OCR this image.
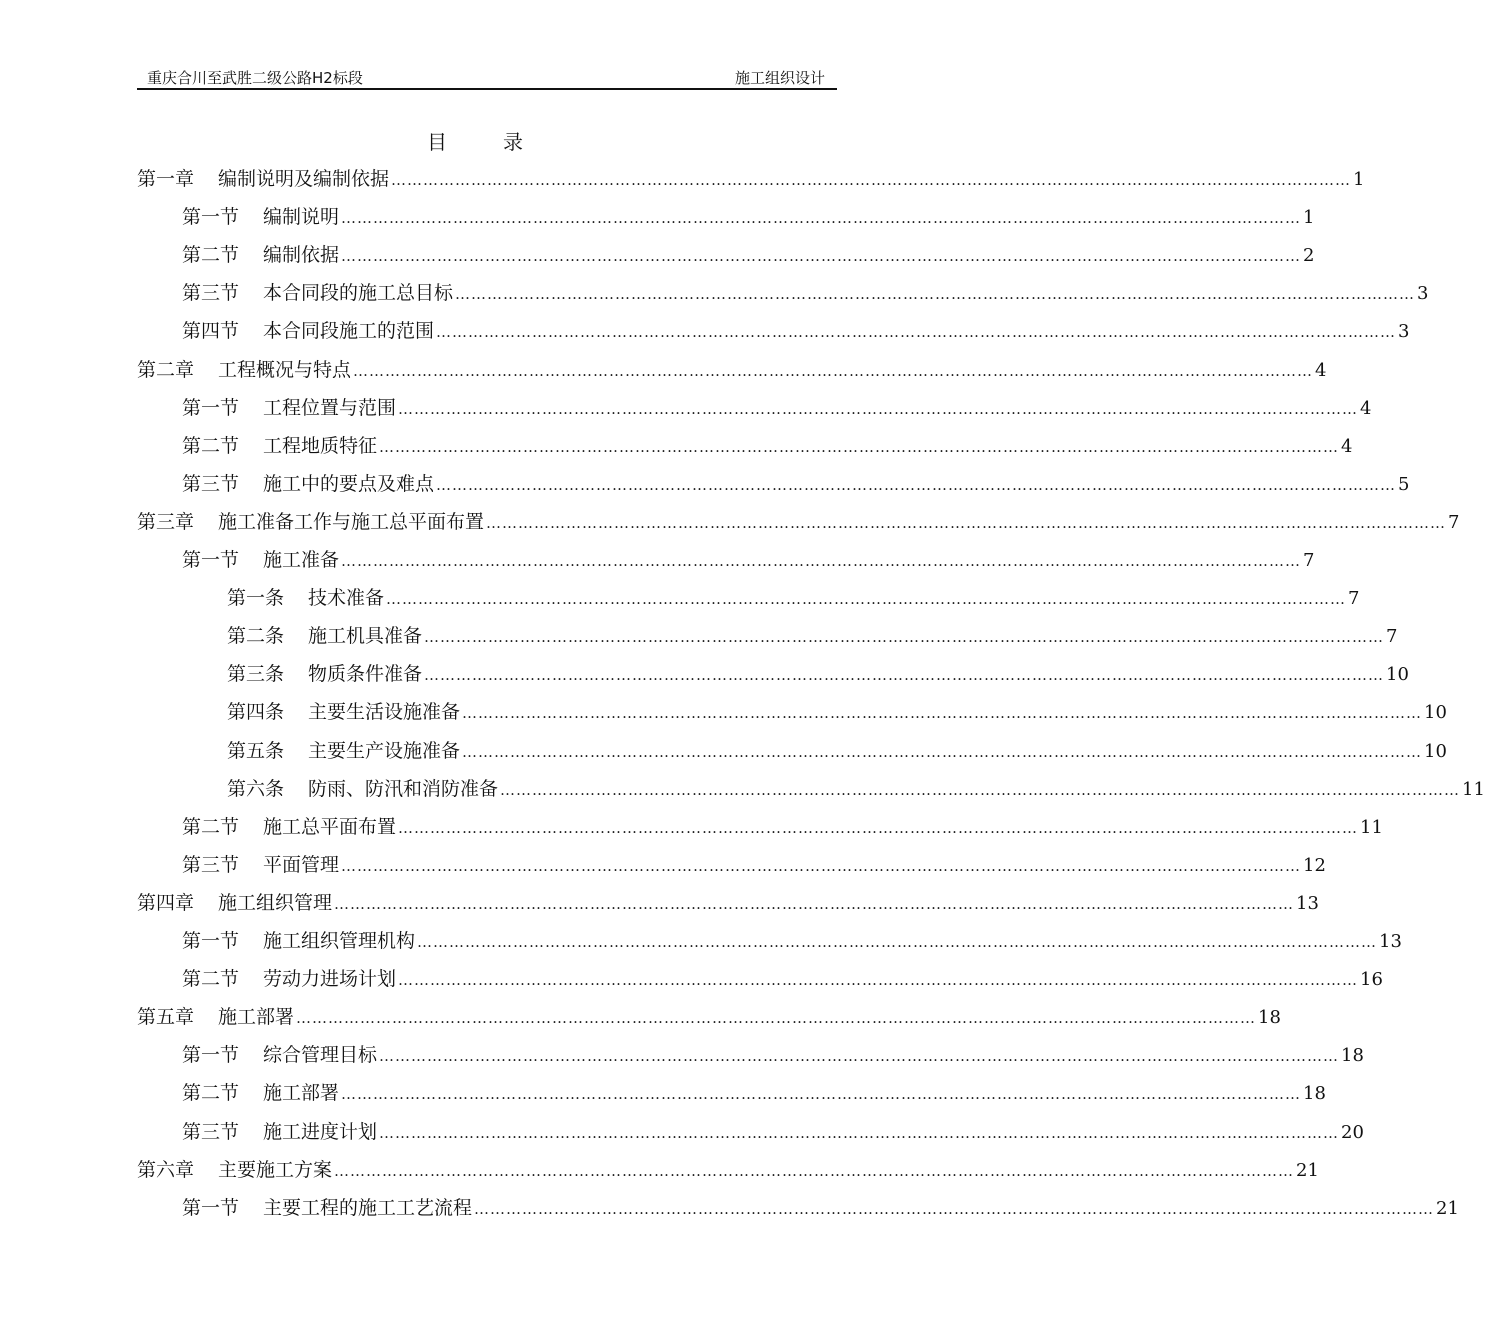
重庆合川至武胜二级公路H2标段	施工组织设计
目录
第一章 编制说明及编制依据 ……………………………………………………………………………………………………………………………………………………………… 1
第一节 编制说明 ……………………………………………………………………………………………………………………………………………………………… 1
第二节 编制依据 ……………………………………………………………………………………………………………………………………………………………… 2
第三节 本合同段的施工总目标 ……………………………………………………………………………………………………………………………………………………………… 3
第四节 本合同段施工的范围 ……………………………………………………………………………………………………………………………………………………………… 3
第二章 工程概况与特点 ……………………………………………………………………………………………………………………………………………………………… 4
第一节 工程位置与范围 ……………………………………………………………………………………………………………………………………………………………… 4
第二节 工程地质特征 ……………………………………………………………………………………………………………………………………………………………… 4
第三节 施工中的要点及难点 ……………………………………………………………………………………………………………………………………………………………… 5
第三章 施工准备工作与施工总平面布置 ……………………………………………………………………………………………………………………………………………………………… 7
第一节 施工准备 ……………………………………………………………………………………………………………………………………………………………… 7
第一条 技术准备 ……………………………………………………………………………………………………………………………………………………………… 7
第二条 施工机具准备 ……………………………………………………………………………………………………………………………………………………………… 7
第三条 物质条件准备 ……………………………………………………………………………………………………………………………………………………………… 10
第四条 主要生活设施准备 ……………………………………………………………………………………………………………………………………………………………… 10
第五条 主要生产设施准备 ……………………………………………………………………………………………………………………………………………………………… 10
第六条 防雨、防汛和消防准备 ……………………………………………………………………………………………………………………………………………………………… 11
第二节 施工总平面布置 ……………………………………………………………………………………………………………………………………………………………… 11
第三节 平面管理 ……………………………………………………………………………………………………………………………………………………………… 12
第四章 施工组织管理 ……………………………………………………………………………………………………………………………………………………………… 13
第一节 施工组织管理机构 ……………………………………………………………………………………………………………………………………………………………… 13
第二节 劳动力进场计划 ……………………………………………………………………………………………………………………………………………………………… 16
第五章 施工部署 ……………………………………………………………………………………………………………………………………………………………… 18
第一节 综合管理目标 ……………………………………………………………………………………………………………………………………………………………… 18
第二节 施工部署 ……………………………………………………………………………………………………………………………………………………………… 18
第三节 施工进度计划 ……………………………………………………………………………………………………………………………………………………………… 20
第六章 主要施工方案 ……………………………………………………………………………………………………………………………………………………………… 21
第一节 主要工程的施工工艺流程 ……………………………………………………………………………………………………………………………………………………………… 21
